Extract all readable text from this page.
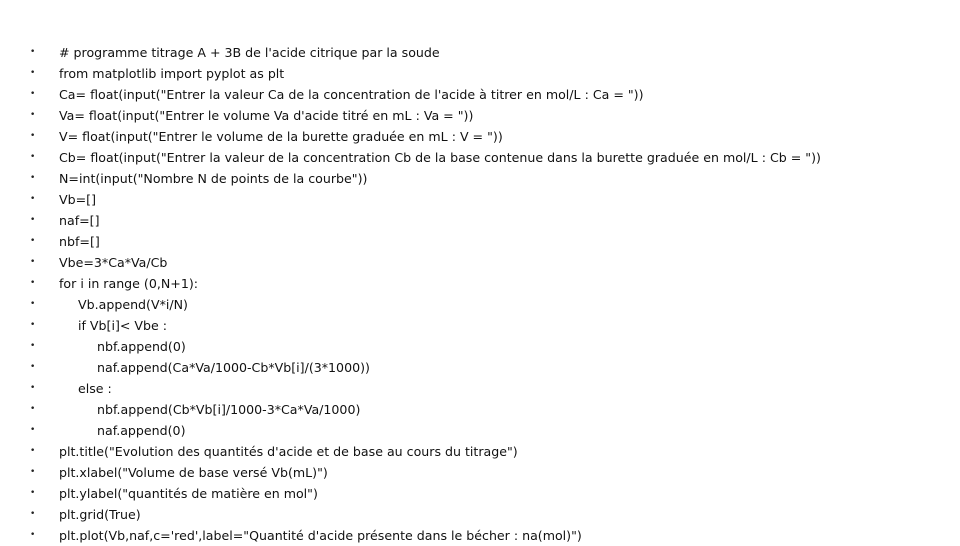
•	# programme titrage A + 3B de l'acide citrique par la soude
•	from matplotlib import pyplot as plt
•	Ca= float(input("Entrer la valeur Ca de la concentration de l'acide à titrer en mol/L : Ca = "))
•	Va= float(input("Entrer le volume Va d'acide titré en mL : Va = "))
•	V= float(input("Entrer le volume de la burette graduée en mL : V = "))
•	Cb= float(input("Entrer la valeur de la concentration Cb de la base contenue dans la burette graduée en mol/L : Cb = "))
•	N=int(input("Nombre N de points de la courbe"))
•	Vb=[]
•	naf=[]
•	nbf=[]
•	Vbe=3*Ca*Va/Cb
•	for i in range (0,N+1):
•	Vb.append(V*i/N)
•	if Vb[i]< Vbe :
•	nbf.append(0)
•	naf.append(Ca*Va/1000-Cb*Vb[i]/(3*1000))
•	else :
•	nbf.append(Cb*Vb[i]/1000-3*Ca*Va/1000)
•	naf.append(0)
•	plt.title("Evolution des quantités d'acide et de base au cours du titrage")
•	plt.xlabel("Volume de base versé Vb(mL)")
•	plt.ylabel("quantités de matière en mol")
•	plt.grid(True)
•	plt.plot(Vb,naf,c='red',label="Quantité d'acide présente dans le bécher : na(mol)")
